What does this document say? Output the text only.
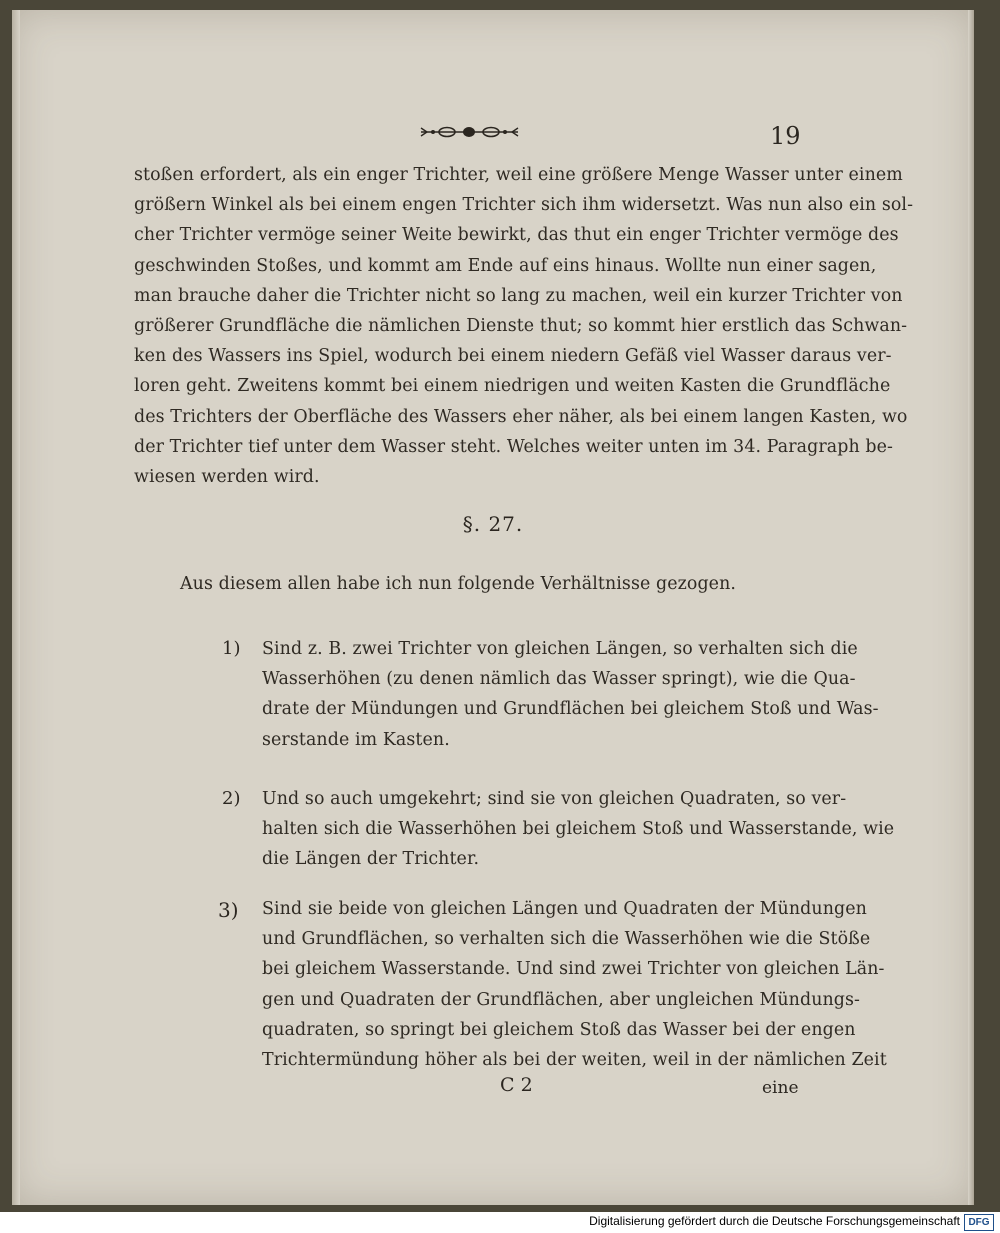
19
stoßen erfordert, als ein enger Trichter, weil eine größere Menge Wasser unter einem
größern Winkel als bei einem engen Trichter sich ihm widersetzt. Was nun also ein sol-
cher Trichter vermöge seiner Weite bewirkt, das thut ein enger Trichter vermöge des
geschwinden Stoßes, und kommt am Ende auf eins hinaus. Wollte nun einer sagen,
man brauche daher die Trichter nicht so lang zu machen, weil ein kurzer Trichter von
größerer Grundfläche die nämlichen Dienste thut; so kommt hier erstlich das Schwan-
ken des Wassers ins Spiel, wodurch bei einem niedern Gefäß viel Wasser daraus ver-
loren geht. Zweitens kommt bei einem niedrigen und weiten Kasten die Grundfläche
des Trichters der Oberfläche des Wassers eher näher, als bei einem langen Kasten, wo
der Trichter tief unter dem Wasser steht. Welches weiter unten im 34. Paragraph be-
wiesen werden wird.
§. 27.
Aus diesem allen habe ich nun folgende Verhältnisse gezogen.
1) Sind z. B. zwei Trichter von gleichen Längen, so verhalten sich die
Wasserhöhen (zu denen nämlich das Wasser springt), wie die Qua-
drate der Mündungen und Grundflächen bei gleichem Stoß und Was-
serstande im Kasten.
2) Und so auch umgekehrt; sind sie von gleichen Quadraten, so ver-
halten sich die Wasserhöhen bei gleichem Stoß und Wasserstande, wie
die Längen der Trichter.
3) Sind sie beide von gleichen Längen und Quadraten der Mündungen
und Grundflächen, so verhalten sich die Wasserhöhen wie die Stöße
bei gleichem Wasserstande. Und sind zwei Trichter von gleichen Län-
gen und Quadraten der Grundflächen, aber ungleichen Mündungs-
quadraten, so springt bei gleichem Stoß das Wasser bei der engen
Trichtermündung höher als bei der weiten, weil in der nämlichen Zeit
C 2	eine
Digitalisierung gefördert durch die Deutsche Forschungsgemeinschaft DFG
